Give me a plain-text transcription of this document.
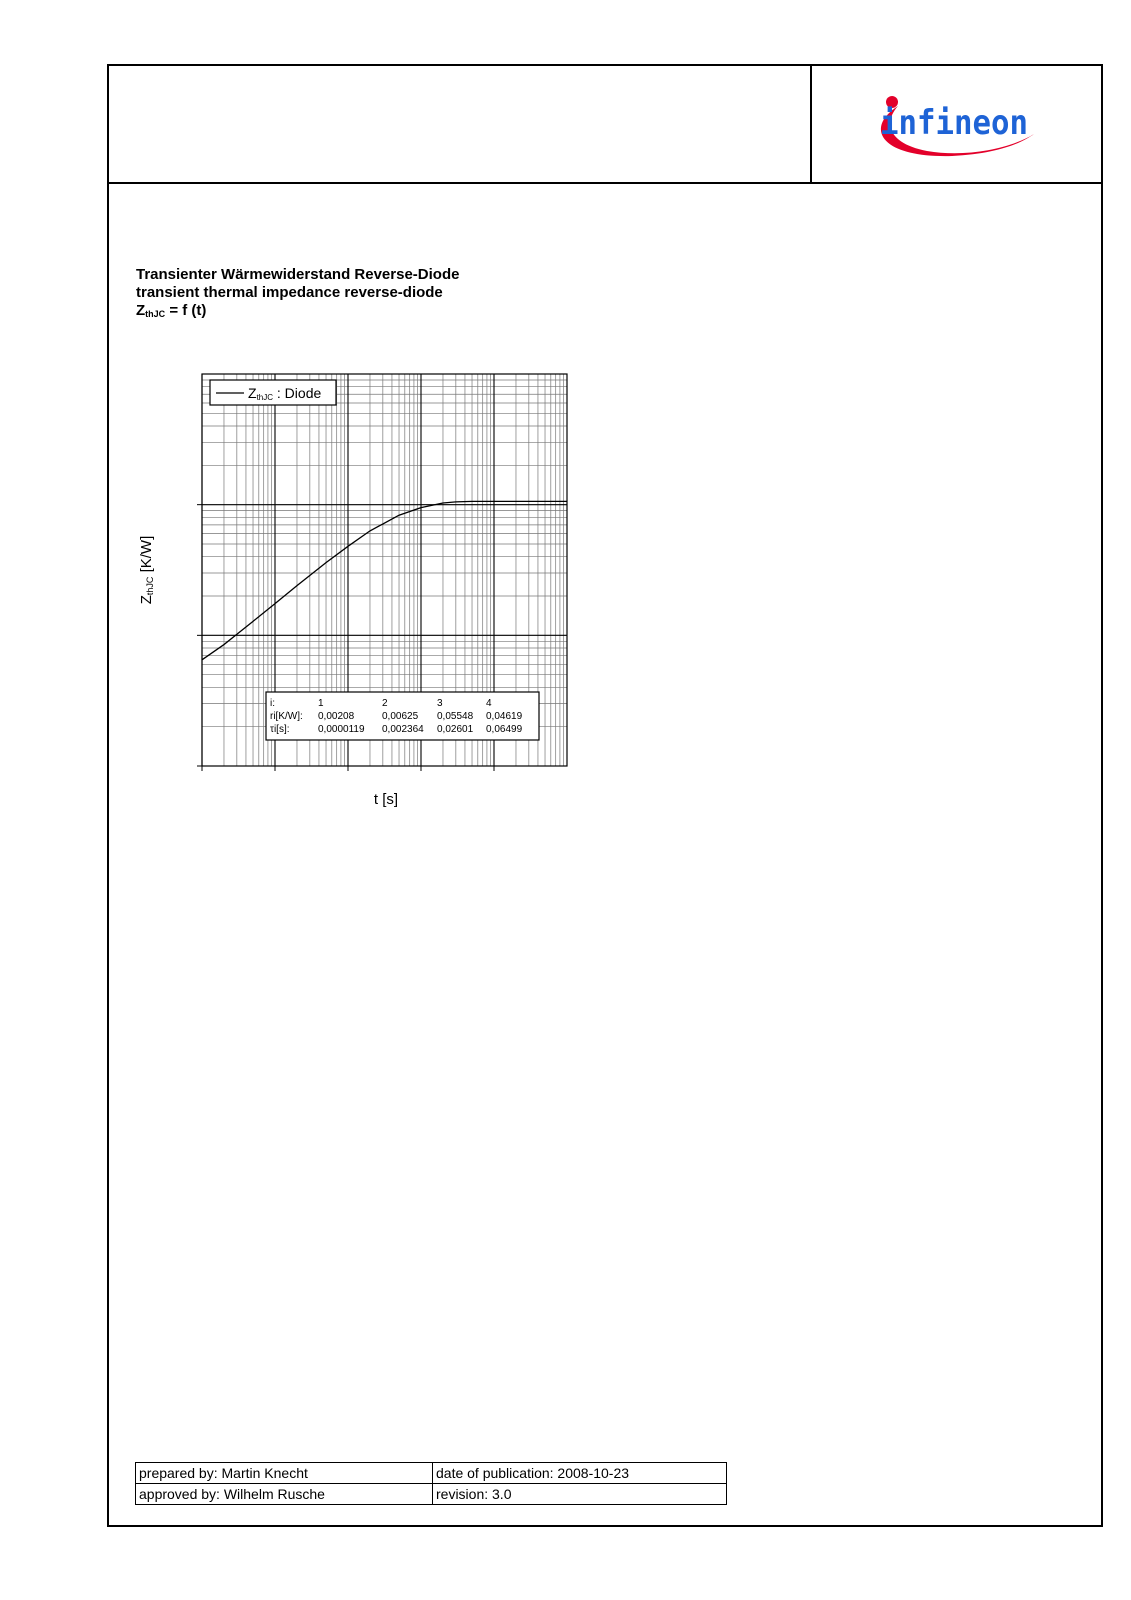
infineon
Transienter Wärmewiderstand Reverse-Diode
transient thermal impedance reverse-diode
$Z_{thJC} = f$ (t)
ZthJC : Diode
i:	1	2	3	4
ri[K/W]: 0,00208	0,00625 0,05548 0,04619
τi[s]:	0,0000119 0,002364 0,02601 0,06499
t [s]
ZthJC [K/W]
prepared by: Martin Knecht	date of publication: 2008-10-23
approved by: Wilhelm Rusche	revision: 3.0
